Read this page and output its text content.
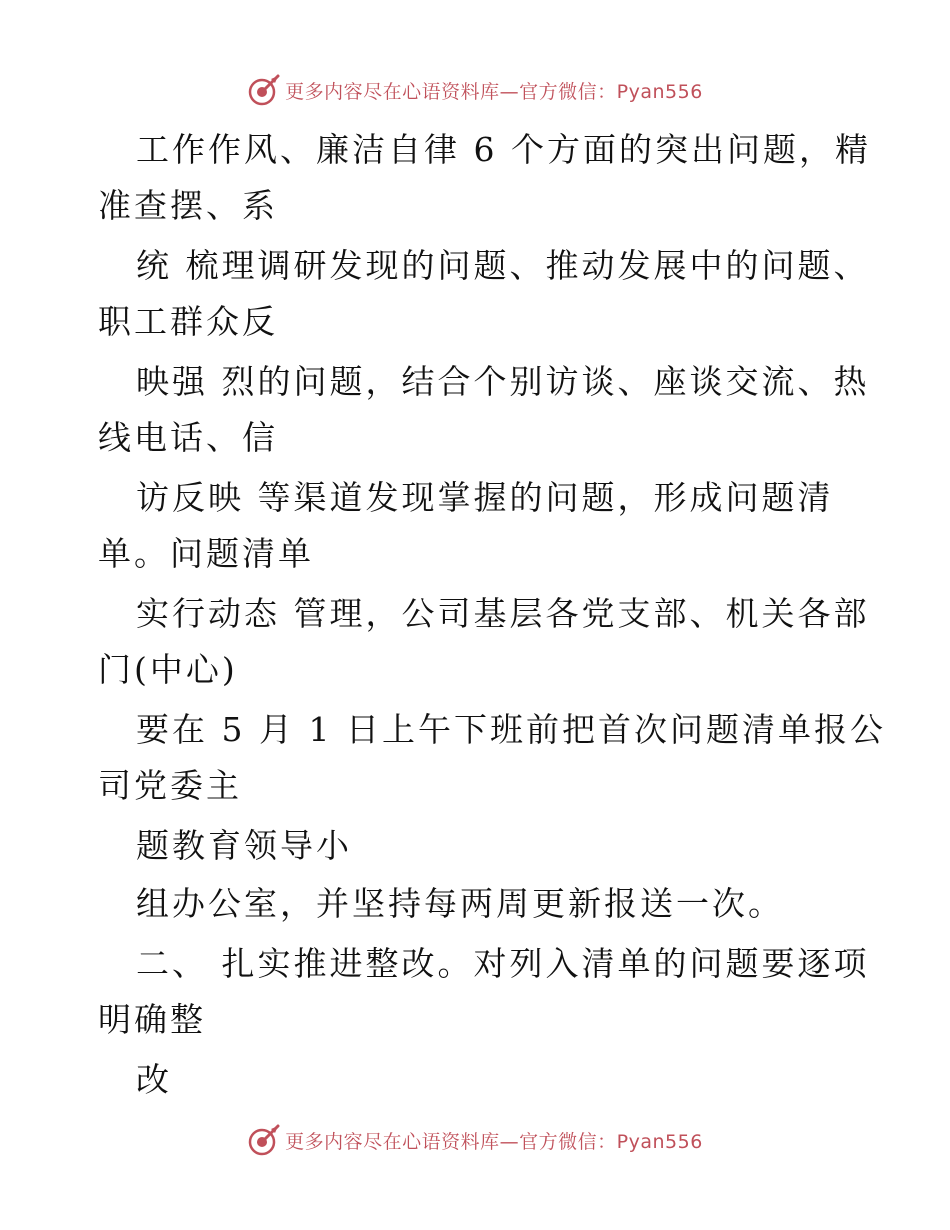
更多内容尽在心语资料库—官方微信：Pyan556
工作作风、廉洁自律 6 个方面的突出问题，精
准查摆、系
统 梳理调研发现的问题、推动发展中的问题、
职工群众反
映强 烈的问题，结合个别访谈、座谈交流、热
线电话、信
访反映 等渠道发现掌握的问题，形成问题清
单。问题清单
实行动态 管理，公司基层各党支部、机关各部
门(中心)
要在 5 月 1 日上午下班前把首次问题清单报公
司党委主
题教育领导小
组办公室，并坚持每两周更新报送一次。
二、 扎实推进整改。对列入清单的问题要逐项
明确整
改
更多内容尽在心语资料库—官方微信：Pyan556
